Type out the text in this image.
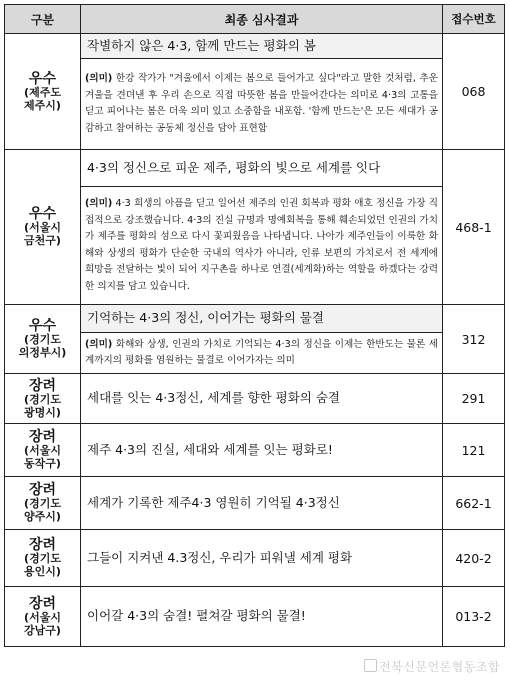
구분	최종 심사결과	접수번호

우수
(제주도
제주시)	작별하지 않은 4·3, 함께 만드는 평화의 봄	068
	(의미) 한강 작가가 "겨울에서 이제는 봄으로 들어가고 싶다"라고 말한 것처럼, 추운 겨울을 견뎌낸 후 우리 손으로 직접 따뜻한 봄을 만들어간다는 의미로 4·3의 고통을 딛고 피어나는 봄은 더욱 의미 있고 소중함을 내포함. '함께 만드는'은 모든 세대가 공감하고 참여하는 공동체 정신을 담아 표현함	

우수
(서울시
금천구)	4·3의 정신으로 피운 제주, 평화의 빛으로 세계를 잇다	468-1
	(의미) 4·3 희생의 아픔을 딛고 일어선 제주의 인권 회복과 평화 애호 정신을 가장 직접적으로 강조했습니다. 4·3의 진실 규명과 명예회복을 통해 훼손되었던 인권의 가치가 제주를 평화의 섬으로 다시 꽃피웠음을 나타냅니다. 나아가 제주인들이 이룩한 화해와 상생의 평화가 단순한 국내의 역사가 아니라, 인류 보편의 가치로서 전 세계에 희망을 전달하는 빛이 되어 지구촌을 하나로 연결(세계화)하는 역할을 하겠다는 강력한 의지를 담고 있습니다.	

우수
(경기도
의정부시)	기억하는 4·3의 정신, 이어가는 평화의 물결	312
	(의미) 화해와 상생, 인권의 가치로 기억되는 4·3의 정신을 이제는 한반도는 물론 세계까지의 평화를 염원하는 물결로 이어가자는 의미	

장려
(경기도
광명시)	세대를 잇는 4·3정신, 세계를 향한 평화의 숨결	291

장려
(서울시
동작구)	제주 4·3의 진실, 세대와 세계를 잇는 평화로!	121

장려
(경기도
양주시)	세계가 기록한 제주4·3 영원히 기억될 4·3정신	662-1

장려
(경기도
용인시)	그들이 지켜낸 4.3정신, 우리가 피워낼 세계 평화	420-2

장려
(서울시
강남구)	이어갈 4·3의 숨결! 펼쳐갈 평화의 물결!	013-2
전북신문언론협동조합
